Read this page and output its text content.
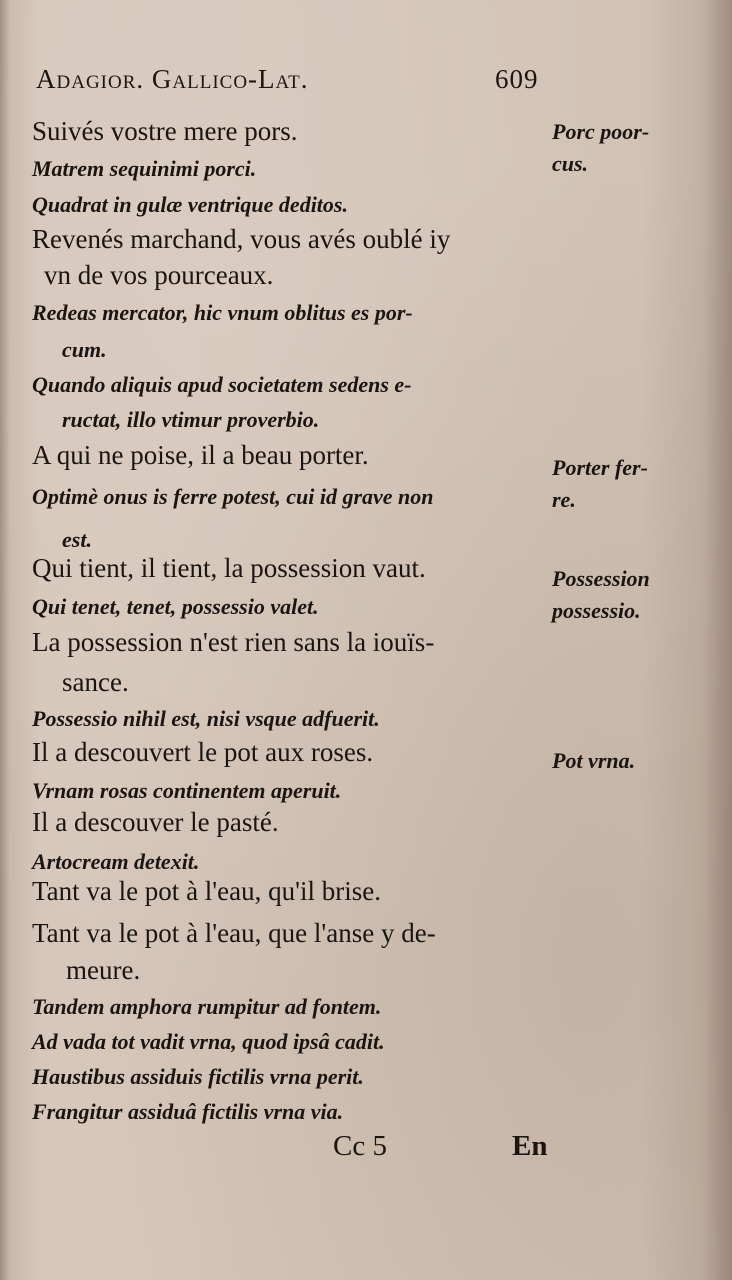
Adagior. Gallico-Lat.	609
Suivés vostre mere pors.
Matrem sequinimi porci.
Quadrat in gulæ ventrique deditos.
Revenés marchand, vous avés oublé iy
vn de vos pourceaux.
Redeas mercator, hic vnum oblitus es por-
cum.
Quando aliquis apud societatem sedens e-
ructat, illo vtimur proverbio.
A qui ne poise, il a beau porter.
Optimè onus is ferre potest, cui id grave non
est.
Qui tient, il tient, la possession vaut.
Qui tenet, tenet, possessio valet.
La possession n'est rien sans la iouïs-
sance.
Possessio nihil est, nisi vsque adfuerit.
Il a descouvert le pot aux roses.
Vrnam rosas continentem aperuit.
Il a descouver le pasté.
Artocream detexit.
Tant va le pot à l'eau, qu'il brise.
Tant va le pot à l'eau, que l'anse y de-
meure.
Tandem amphora rumpitur ad fontem.
Ad vada tot vadit vrna, quod ipsâ cadit.
Haustibus assiduis fictilis vrna perit.
Frangitur assiduâ fictilis vrna via.
Porc poor-
cus.
Porter fer-
re.
Possession
possessio.
Pot vrna.
Cc 5	En
